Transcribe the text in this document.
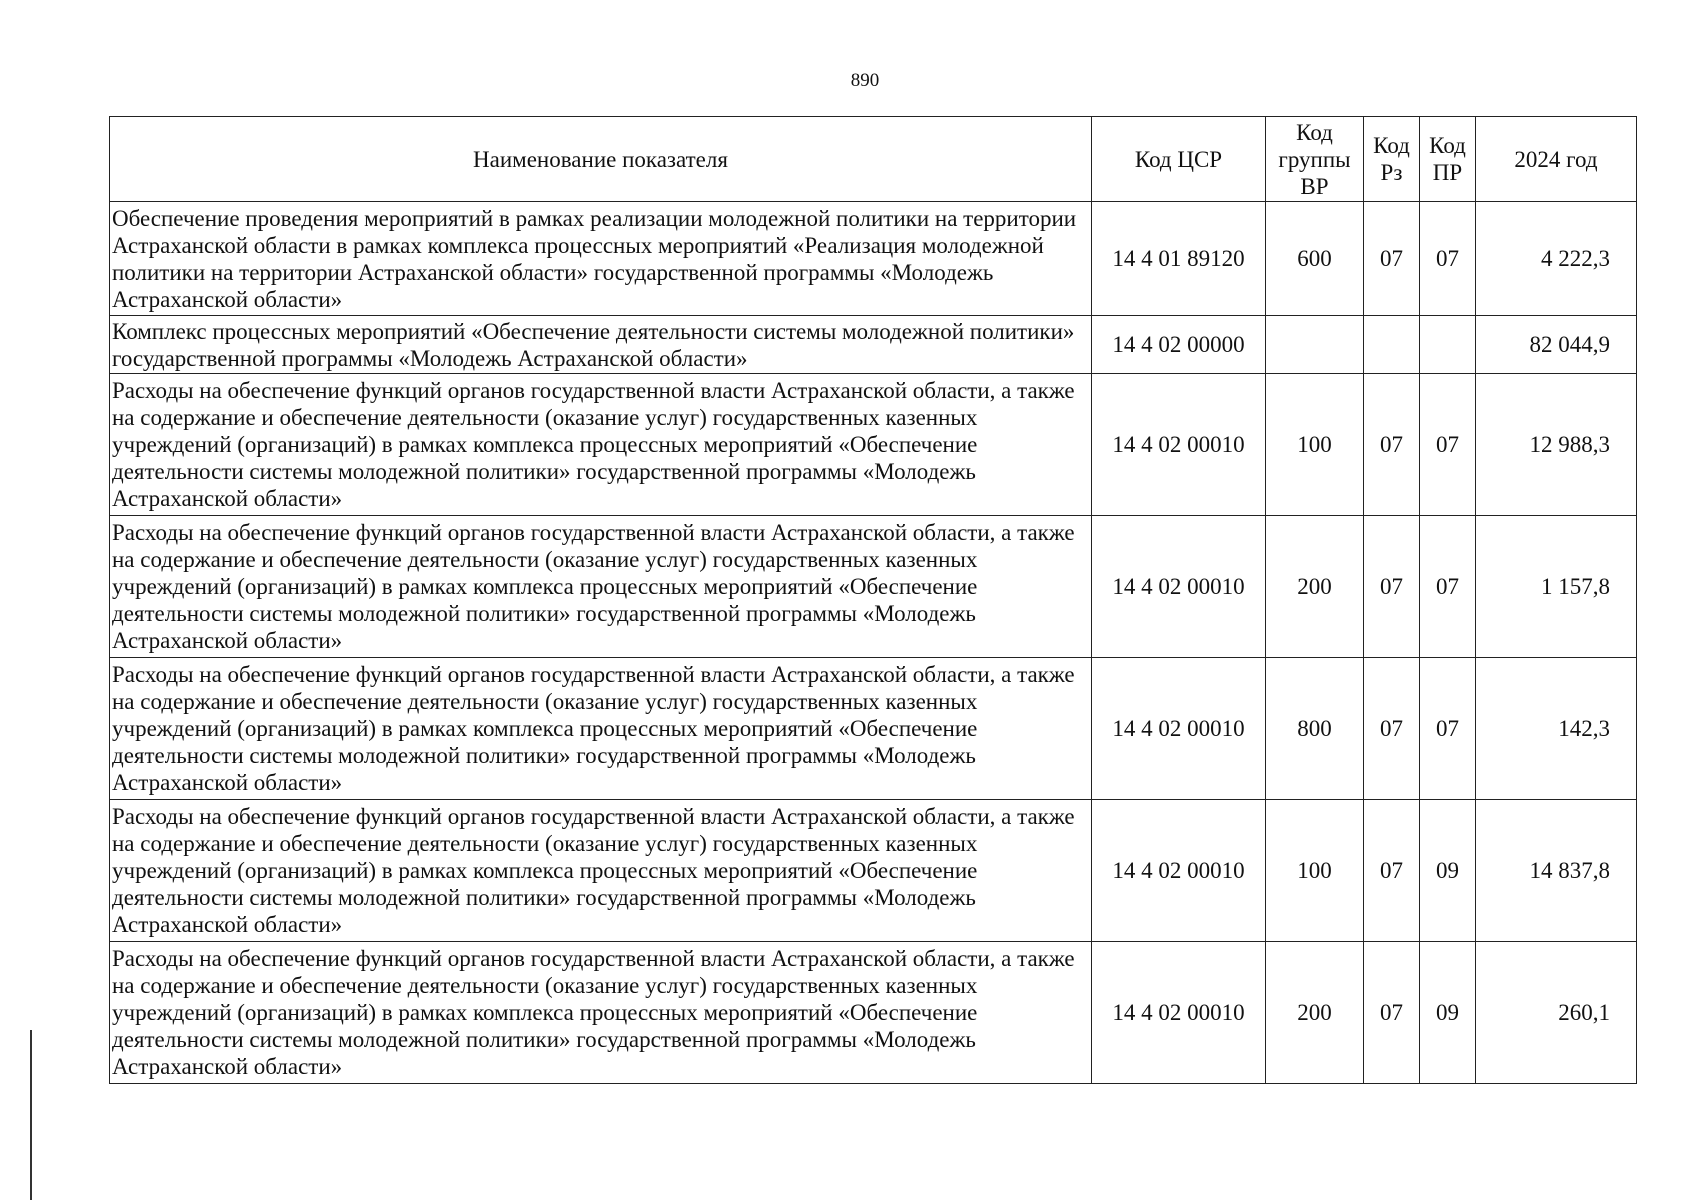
890
Наименование показателя	Код ЦСР	Код группы ВР	Код Рз	Код ПР	2024 год
Обеспечение проведения мероприятий в рамках реализации молодежной политики на территории Астраханской области в рамках комплекса процессных мероприятий «Реализация молодежной политики на территории Астраханской области» государственной программы «Молодежь Астраханской области»	14 4 01 89120	600	07	07	4 222,3
Комплекс процессных мероприятий «Обеспечение деятельности системы молодежной политики» государственной программы «Молодежь Астраханской области»	14 4 02 00000				82 044,9
Расходы на обеспечение функций органов государственной власти Астраханской области, а также на содержание и обеспечение деятельности (оказание услуг) государственных казенных учреждений (организаций) в рамках комплекса процессных мероприятий «Обеспечение деятельности системы молодежной политики» государственной программы «Молодежь Астраханской области»	14 4 02 00010	100	07	07	12 988,3
Расходы на обеспечение функций органов государственной власти Астраханской области, а также на содержание и обеспечение деятельности (оказание услуг) государственных казенных учреждений (организаций) в рамках комплекса процессных мероприятий «Обеспечение деятельности системы молодежной политики» государственной программы «Молодежь Астраханской области»	14 4 02 00010	200	07	07	1 157,8
Расходы на обеспечение функций органов государственной власти Астраханской области, а также на содержание и обеспечение деятельности (оказание услуг) государственных казенных учреждений (организаций) в рамках комплекса процессных мероприятий «Обеспечение деятельности системы молодежной политики» государственной программы «Молодежь Астраханской области»	14 4 02 00010	800	07	07	142,3
Расходы на обеспечение функций органов государственной власти Астраханской области, а также на содержание и обеспечение деятельности (оказание услуг) государственных казенных учреждений (организаций) в рамках комплекса процессных мероприятий «Обеспечение деятельности системы молодежной политики» государственной программы «Молодежь Астраханской области»	14 4 02 00010	100	07	09	14 837,8
Расходы на обеспечение функций органов государственной власти Астраханской области, а также на содержание и обеспечение деятельности (оказание услуг) государственных казенных учреждений (организаций) в рамках комплекса процессных мероприятий «Обеспечение деятельности системы молодежной политики» государственной программы «Молодежь Астраханской области»	14 4 02 00010	200	07	09	260,1
